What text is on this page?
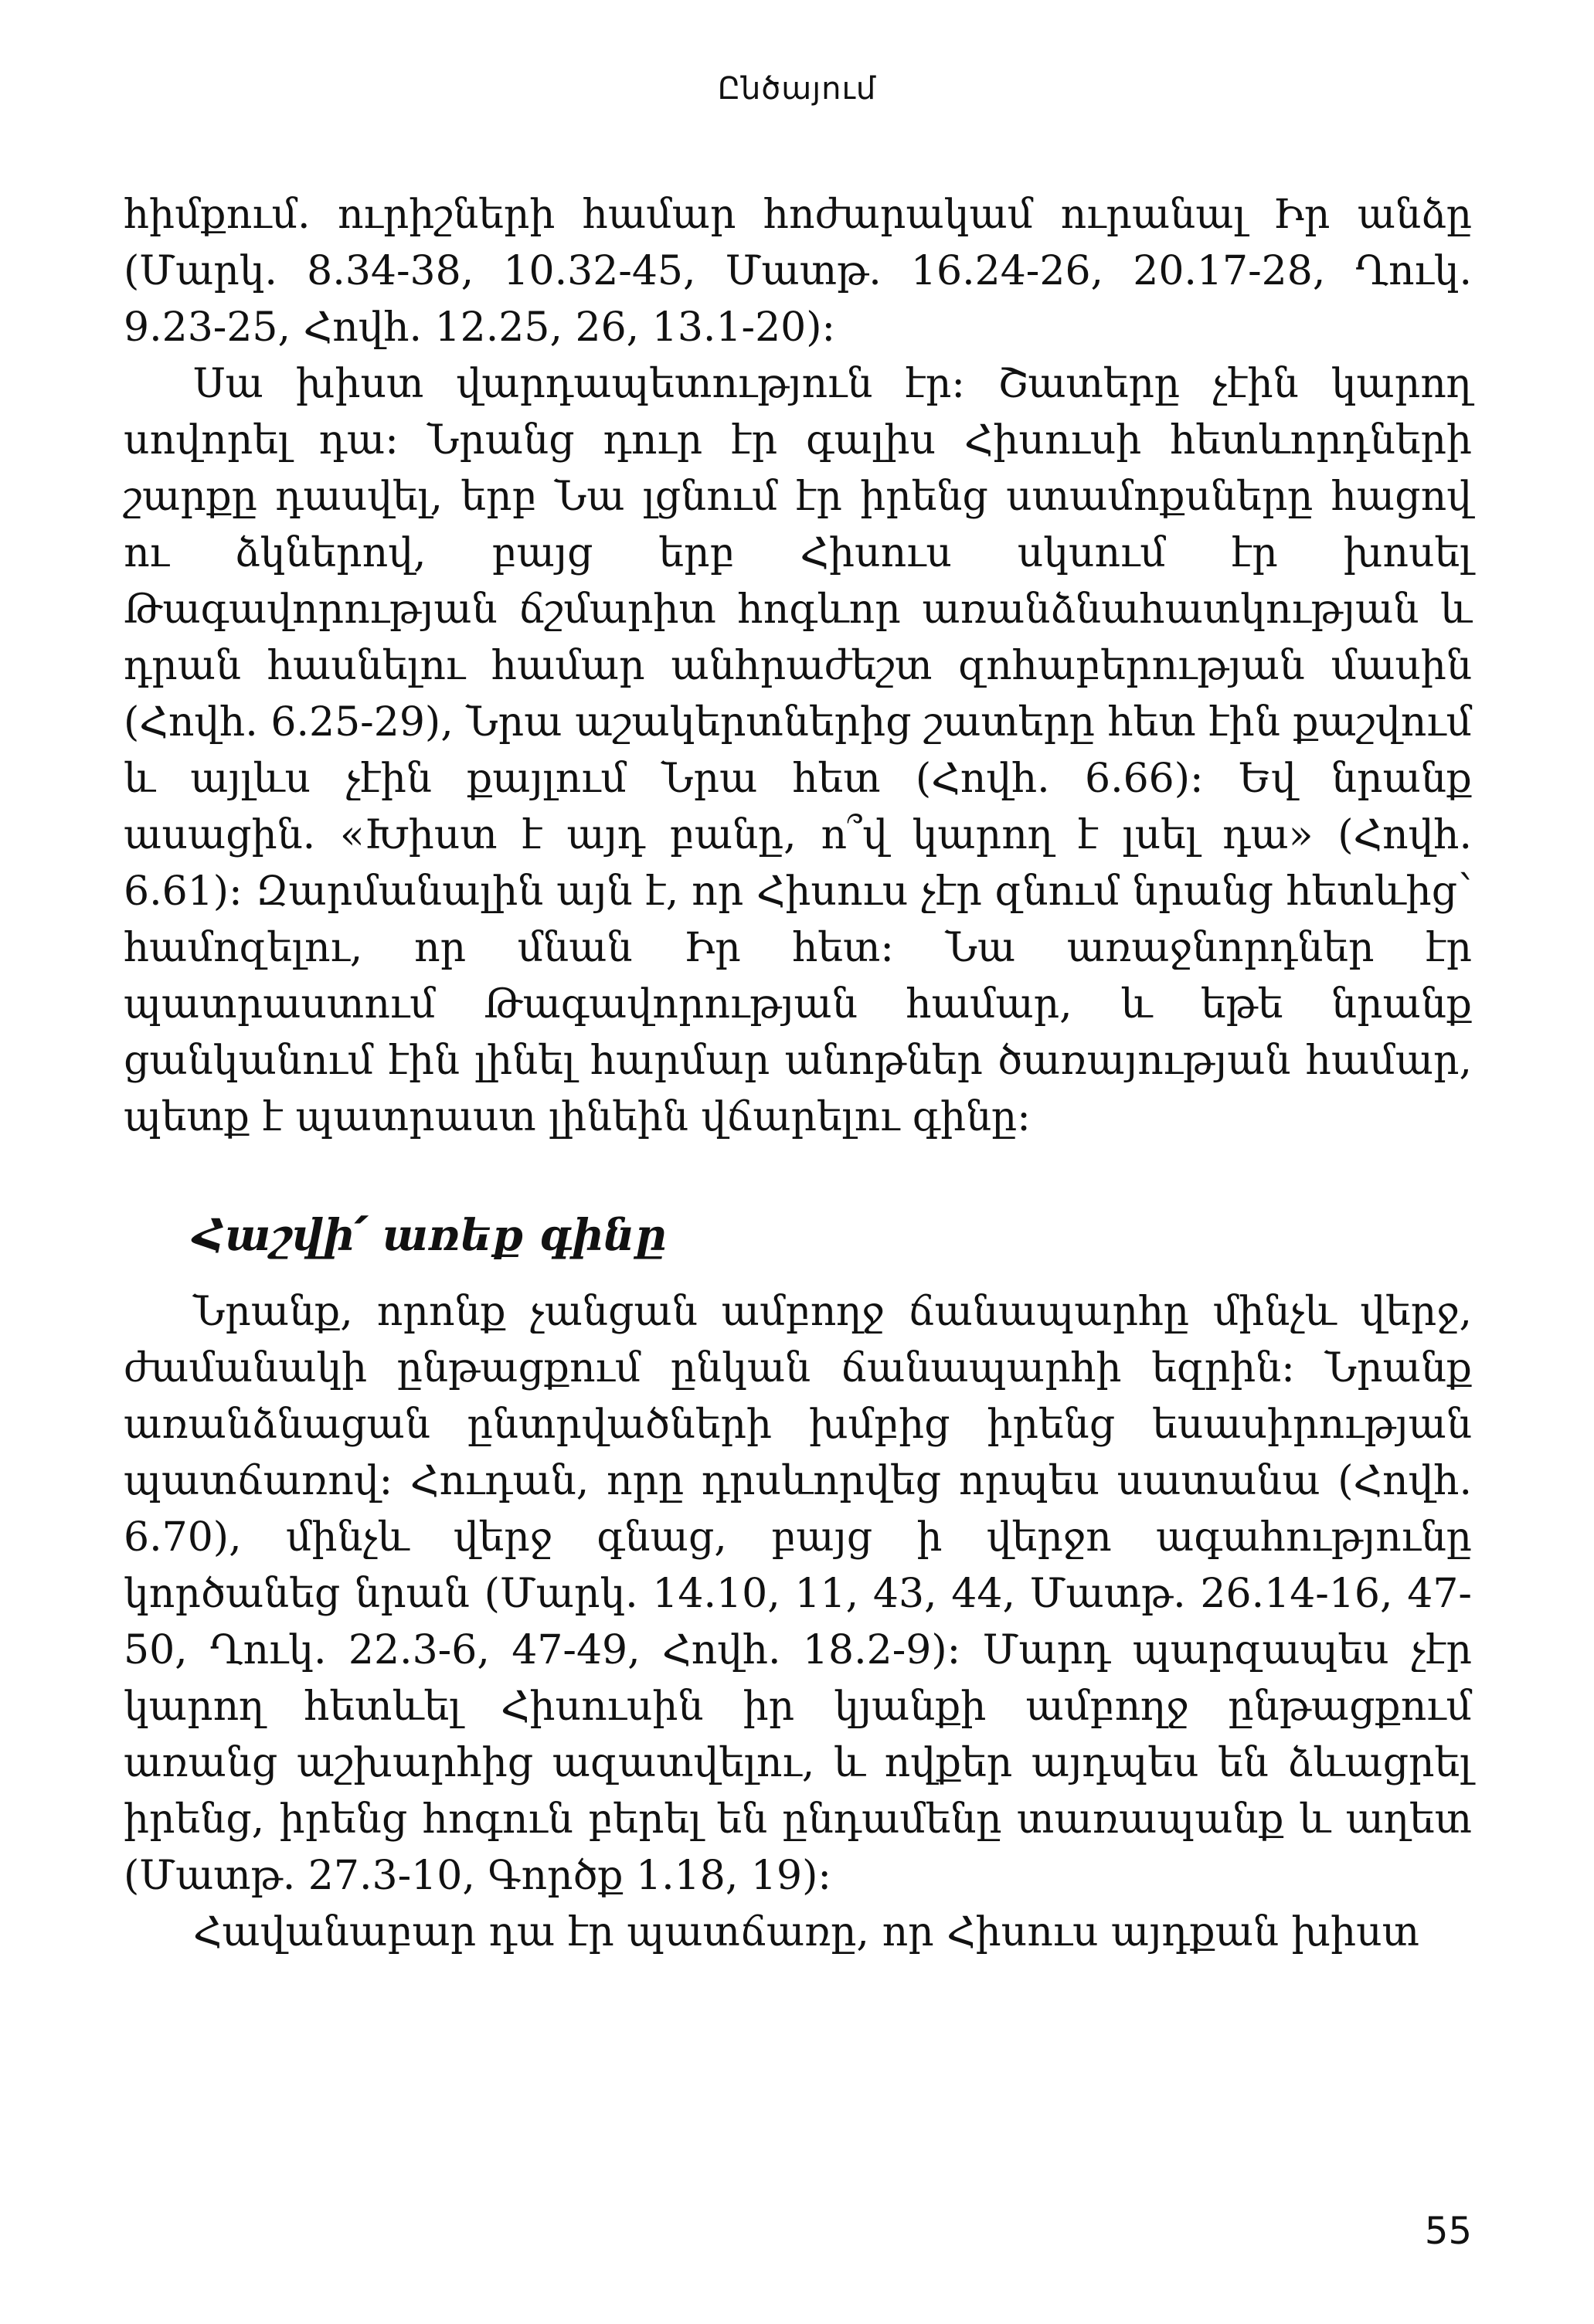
Ընծայում

հիմքում. ուրիշների համար հոժարակամ ուրանալ Իր անձը (Մարկ. 8.34-38, 10.32-45, Մատթ. 16.24-26, 20.17-28, Ղուկ. 9.23-25, Հովհ. 12.25, 26, 13.1-20)։

Սա խիստ վարդապետություն էր։ Շատերը չէին կարող սովորել դա։ Նրանց դուր էր գալիս Հիսուսի հետևորդների շարքը դասվել, երբ Նա լցնում էր իրենց ստամոքսները հացով ու ձկներով, բայց երբ Հիսուս սկսում էր խոսել Թագավորության ճշմարիտ հոգևոր առանձնահատկության և դրան հասնելու համար անհրաժեշտ զոհաբերության մասին (Հովհ. 6.25-29), Նրա աշակերտներից շատերը հետ էին քաշվում և այլևս չէին քայլում Նրա հետ (Հովհ. 6.66)։ Եվ նրանք ասացին. «Խիստ է այդ բանը, ո՞վ կարող է լսել դա» (Հովհ. 6.61)։ Զարմանալին այն է, որ Հիսուս չէր զնում նրանց հետևից՝ համոզելու, որ մնան Իր հետ։ Նա առաջնորդներ էր պատրաստում Թագավորության համար, և եթե նրանք ցանկանում էին լինել հարմար անոթներ ծառայության համար, պետք է պատրաստ լինեին վճարելու գինը։

Հաշվի՛ առեք գինը

Նրանք, որոնք չանցան ամբողջ ճանապարհը մինչև վերջ, ժամանակի ընթացքում ընկան ճանապարհի եզրին։ Նրանք առանձնացան ընտրվածների խմբից իրենց եսասիրության պատճառով։ Հուդան, որը դրսևորվեց որպես սատանա (Հովհ. 6.70), մինչև վերջ գնաց, բայց ի վերջո ագահությունը կործանեց նրան (Մարկ. 14.10, 11, 43, 44, Մատթ. 26.14-16, 47-50, Ղուկ. 22.3-6, 47-49, Հովհ. 18.2-9)։ Մարդ պարզապես չէր կարող հետևել Հիսուսին իր կյանքի ամբողջ ընթացքում առանց աշխարհից ազատվելու, և ովքեր այդպես են ձևացրել իրենց, իրենց հոգուն բերել են ընդամենը տառապանք և աղետ (Մատթ. 27.3-10, Գործք 1.18, 19)։

Հավանաբար դա էր պատճառը, որ Հիսուս այդքան խիստ

55
